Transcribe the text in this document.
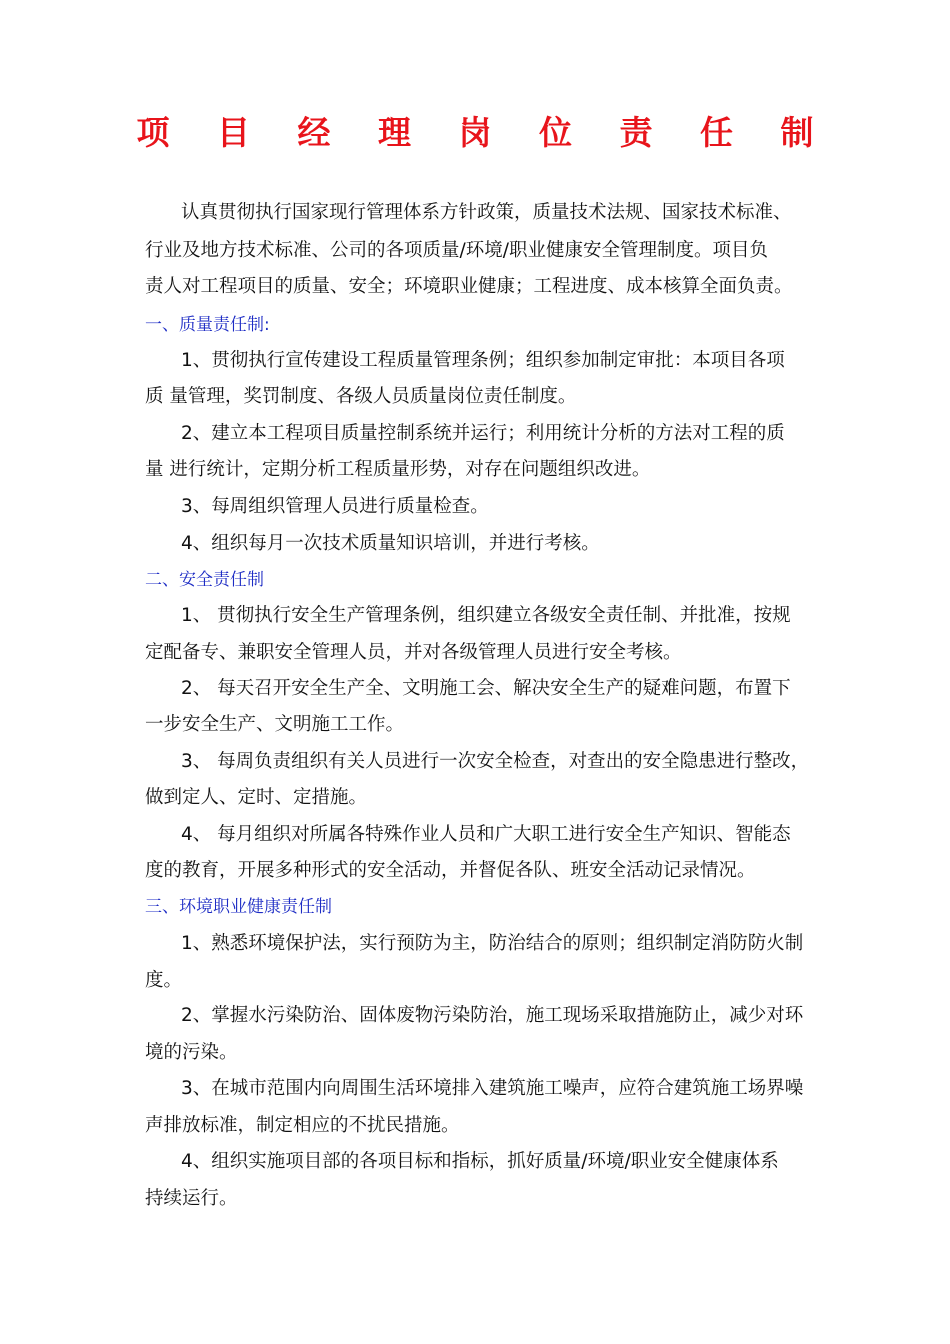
项 目 经 理 岗 位 责 任 制
认真贯彻执行国家现行管理体系方针政策，质量技术法规、国家技术标准、
行业及地方技术标准、公司的各项质量/环境/职业健康安全管理制度。项目负
责人对工程项目的质量、安全；环境职业健康；工程进度、成本核算全面负责。
一、质量责任制:
1、贯彻执行宣传建设工程质量管理条例；组织参加制定审批：本项目各项
质 量管理，奖罚制度、各级人员质量岗位责任制度。
2、建立本工程项目质量控制系统并运行；利用统计分析的方法对工程的质
量 进行统计，定期分析工程质量形势，对存在问题组织改进。
3、每周组织管理人员进行质量检查。
4、组织每月一次技术质量知识培训，并进行考核。
二、安全责任制
1、 贯彻执行安全生产管理条例，组织建立各级安全责任制、并批准，按规
定配备专、兼职安全管理人员，并对各级管理人员进行安全考核。
2、 每天召开安全生产全、文明施工会、解决安全生产的疑难问题，布置下
一步安全生产、文明施工工作。
3、 每周负责组织有关人员进行一次安全检查，对查出的安全隐患进行整改，
做到定人、定时、定措施。
4、 每月组织对所属各特殊作业人员和广大职工进行安全生产知识、智能态
度的教育，开展多种形式的安全活动，并督促各队、班安全活动记录情况。
三、环境职业健康责任制
1、熟悉环境保护法，实行预防为主，防治结合的原则；组织制定消防防火制
度。
2、掌握水污染防治、固体废物污染防治，施工现场采取措施防止，减少对环
境的污染。
3、在城市范围内向周围生活环境排入建筑施工噪声，应符合建筑施工场界噪
声排放标准，制定相应的不扰民措施。
4、组织实施项目部的各项目标和指标，抓好质量/环境/职业安全健康体系
持续运行。
